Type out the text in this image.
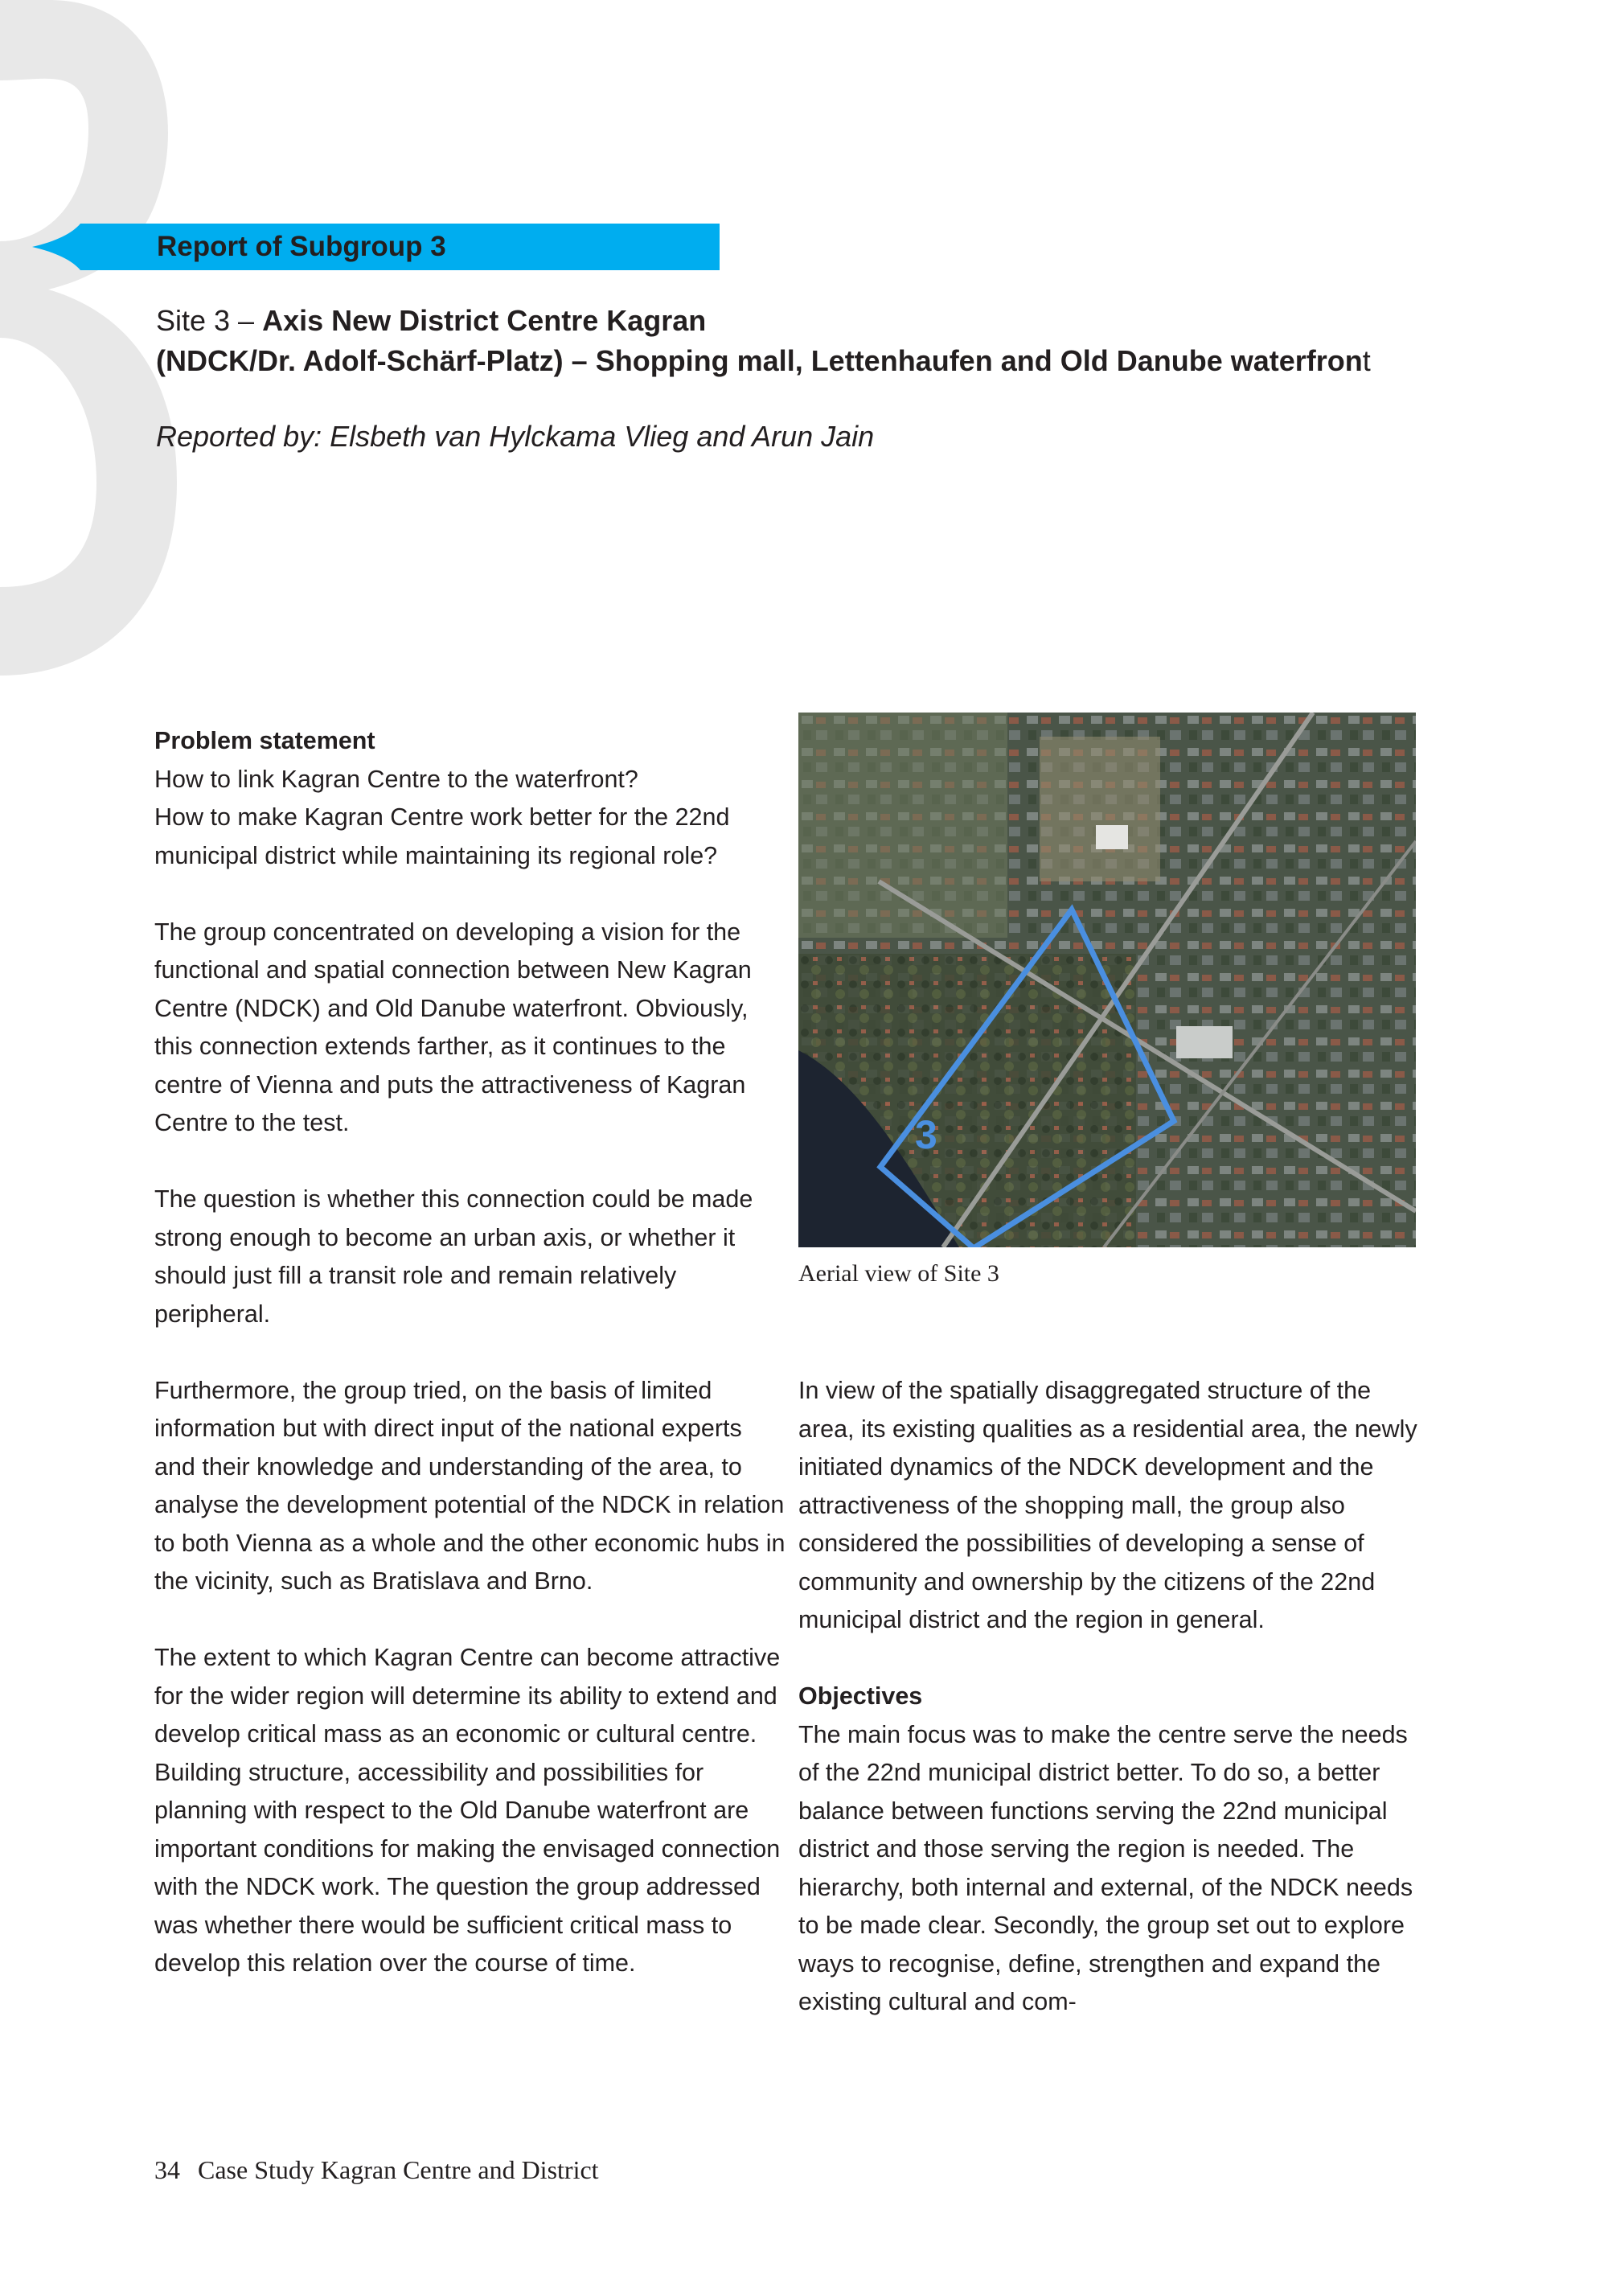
Report of Subgroup 3
Site 3 – Axis New District Centre Kagran
(NDCK/Dr. Adolf-Schärf-Platz) – Shopping mall, Lettenhaufen and Old Danube waterfront
Reported by: Elsbeth van Hylckama Vlieg and Arun Jain
Problem statement
How to link Kagran Centre to the waterfront?

How to make Kagran Centre work better for the 22nd municipal district while maintaining its regional role?

The group concentrated on developing a vision for the functional and spatial connection between New Kagran Centre (NDCK) and Old Danube waterfront. Obviously, this connection extends farther, as it continues to the centre of Vienna and puts the attractiveness of Kagran Centre to the test.

The question is whether this connection could be made strong enough to become an urban axis, or whether it should just fill a transit role and remain relatively peripheral.

Furthermore, the group tried, on the basis of limited information but with direct input of the national experts and their knowledge and understanding of the area, to analyse the development potential of the NDCK in relation to both Vienna as a whole and the other economic hubs in the vicinity, such as Bratislava and Brno.

The extent to which Kagran Centre can become attractive for the wider region will determine its ability to extend and develop critical mass as an economic or cultural centre. Building structure, accessibility and possibilities for planning with respect to the Old Danube waterfront are important conditions for making the envisaged connection with the NDCK work. The question the group addressed was whether there would be sufficient critical mass to develop this relation over the course of time.

3
Aerial view of Site 3

In view of the spatially disaggregated structure of the area, its existing qualities as a residential area, the newly initiated dynamics of the NDCK development and the attractiveness of the shopping mall, the group also considered the possibilities of developing a sense of community and ownership by the citizens of the 22nd municipal district and the region in general.

Objectives
The main focus was to make the centre serve the needs of the 22nd municipal district better. To do so, a better balance between functions serving the 22nd municipal district and those serving the region is needed. The hierarchy, both internal and external, of the NDCK needs to be made clear. Secondly, the group set out to explore ways to recognise, define, strengthen and expand the existing cultural and com-
34 Case Study Kagran Centre and District
